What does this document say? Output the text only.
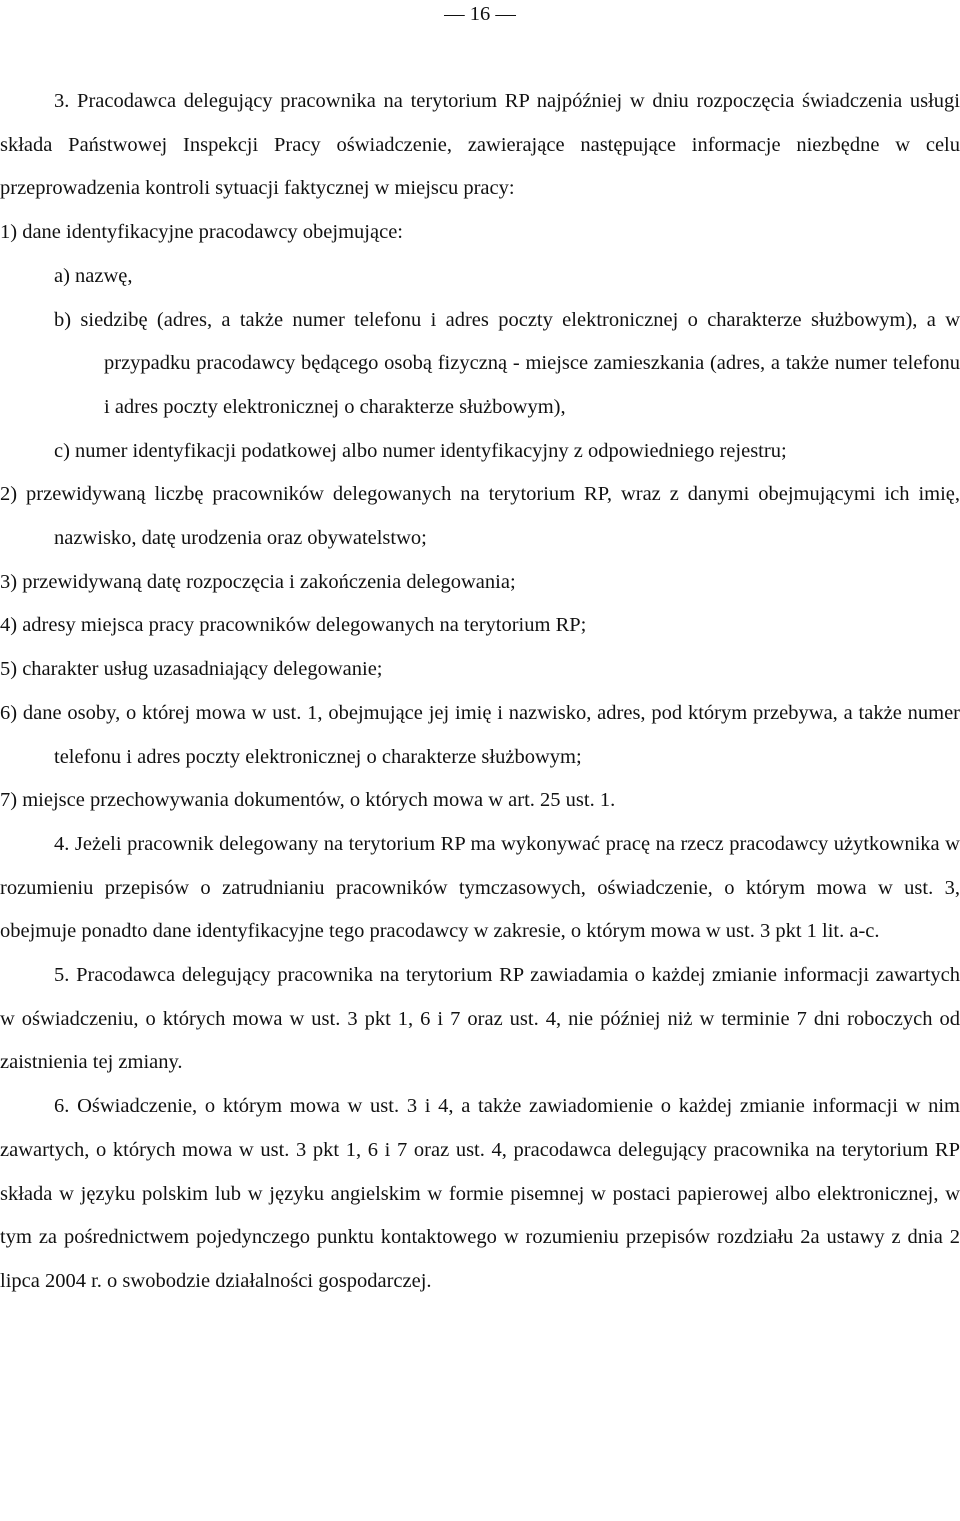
— 16 —

3. Pracodawca delegujący pracownika na terytorium RP najpóźniej w dniu rozpoczęcia świadczenia usługi składa Państwowej Inspekcji Pracy oświadczenie, zawierające następujące informacje niezbędne w celu przeprowadzenia kontroli sytuacji faktycznej w miejscu pracy:

1) dane identyfikacyjne pracodawcy obejmujące:

a) nazwę,

b) siedzibę (adres, a także numer telefonu i adres poczty elektronicznej o charakterze służbowym), a w przypadku pracodawcy będącego osobą fizyczną - miejsce zamieszkania (adres, a także numer telefonu i adres poczty elektronicznej o charakterze służbowym),

c) numer identyfikacji podatkowej albo numer identyfikacyjny z odpowiedniego rejestru;

2) przewidywaną liczbę pracowników delegowanych na terytorium RP, wraz z danymi obejmującymi ich imię, nazwisko, datę urodzenia oraz obywatelstwo;

3) przewidywaną datę rozpoczęcia i zakończenia delegowania;

4) adresy miejsca pracy pracowników delegowanych na terytorium RP;

5) charakter usług uzasadniający delegowanie;

6) dane osoby, o której mowa w ust. 1, obejmujące jej imię i nazwisko, adres, pod którym przebywa, a także numer telefonu i adres poczty elektronicznej o charakterze służbowym;

7) miejsce przechowywania dokumentów, o których mowa w art. 25 ust. 1.

4. Jeżeli pracownik delegowany na terytorium RP ma wykonywać pracę na rzecz pracodawcy użytkownika w rozumieniu przepisów o zatrudnianiu pracowników tymczasowych, oświadczenie, o którym mowa w ust. 3, obejmuje ponadto dane identyfikacyjne tego pracodawcy w zakresie, o którym mowa w ust. 3 pkt 1 lit. a-c.

5. Pracodawca delegujący pracownika na terytorium RP zawiadamia o każdej zmianie informacji zawartych w oświadczeniu, o których mowa w ust. 3 pkt 1, 6 i 7 oraz ust. 4, nie później niż w terminie 7 dni roboczych od zaistnienia tej zmiany.

6. Oświadczenie, o którym mowa w ust. 3 i 4, a także zawiadomienie o każdej zmianie informacji w nim zawartych, o których mowa w ust. 3 pkt 1, 6 i 7 oraz ust. 4, pracodawca delegujący pracownika na terytorium RP składa w języku polskim lub w języku angielskim w formie pisemnej w postaci papierowej albo elektronicznej, w tym za pośrednictwem pojedynczego punktu kontaktowego w rozumieniu przepisów rozdziału 2a ustawy z dnia 2 lipca 2004 r. o swobodzie działalności gospodarczej.
